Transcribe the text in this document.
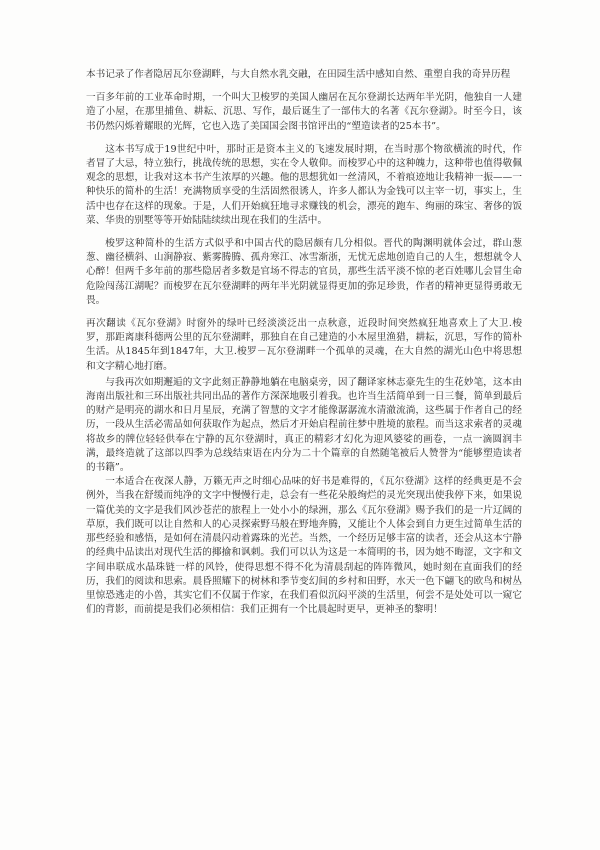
本书记录了作者隐居瓦尔登湖畔，与大自然水乳交融，在田园生活中感知自然、重塑自我的奇异历程

一百多年前的工业革命时期，一个叫大卫梭罗的美国人幽居在瓦尔登湖长达两年半光阴，他独自一人建造了小屋，在那里捕鱼、耕耘、沉思、写作，最后诞生了一部伟大的名著《瓦尔登湖》。时至今日，该书仍然闪烁着耀眼的光辉，它也入选了美国国会图书馆评出的“塑造读者的25本书”。

这本书写成于19世纪中叶，那时正是资本主义的飞速发展时期，在当时那个物欲横流的时代，作者冒了大忌，特立独行，挑战传统的思想，实在令人敬仰。而梭罗心中的这种魄力，这种带也值得敬佩观念的思想，让我对这本书产生浓厚的兴趣。他的思想犹如一丝清风，不着痕迹地让我精神一振——一种快乐的简朴的生活！充满物质享受的生活固然很诱人，许多人都认为金钱可以主宰一切，事实上，生活中也存在这样的现象。于是，人们开始疯狂地寻求赚钱的机会，漂亮的跑车、绚丽的珠宝、奢侈的饭菜、华贵的别墅等等开始陆陆续续出现在我们的生活中。

梭罗这种简朴的生活方式似乎和中国古代的隐居颇有几分相似。晋代的陶渊明就体会过，群山葱葱、幽径横斜、山涧静寂、紫雾腾腾、孤舟寒江、冰雪渐浙，无忧无虑地创造自己的人生，想想就令人心醉！但两千多年前的那些隐居者多数是官场不得志的官员，那些生活平淡不惊的老百姓哪儿会冒生命危险闯荡江湖呢？而梭罗在瓦尔登湖畔的两年半光阴就显得更加的弥足珍贵，作者的精神更显得勇敢无畏。

再次翻读《瓦尔登湖》时窗外的绿叶已经淡淡泛出一点秋意，近段时间突然疯狂地喜欢上了大卫.梭罗，那距离康科德两公里的瓦尔登湖畔，那独自在自己建造的小木屋里渔猎，耕耘，沉思，写作的简朴生活。从1845年到1847年，大卫.梭罗－瓦尔登湖畔一个孤单的灵魂，在大自然的湖光山色中将思想和文字精心地打磨。

与我再次如期邂逅的文字此刻正静静地躺在电脑桌旁，因了翻译家林志豪先生的生花妙笔，这本由海南出版社和三环出版社共同出品的著作方深深地吸引着我。也许当生活简单到一日三餐，简单到最后的财产是明亮的湖水和日月星辰，充满了智慧的文字才能像潺潺流水清澈流淌，这些属于作者自己的经历，一段从生活必需品如何获取作为起点，然后才开始启程前往梦中胜境的旅程。而当这求索者的灵魂将故乡的牌位轻轻供奉在宁静的瓦尔登湖时，真正的精彩才幻化为迎风婆娑的画卷，一点一滴圆润丰满，最终造就了这部以四季为总线结束语在内分为二十个篇章的自然随笔被后人赞誉为“能够塑造读者的书籍”。

一本适合在夜深人静，万籁无声之时细心品味的好书是难得的，《瓦尔登湖》这样的经典更是不会例外，当我在舒缓而纯净的文字中慢慢行走，总会有一些花朵般绚烂的灵光突现出使我停下来，如果说一篇优美的文字是我们风沙苍茫的旅程上一处小小的绿洲，那么《瓦尔登湖》赐予我们的是一片辽阔的草原，我们既可以让自然和人的心灵探索野马般在野地奔腾，又能让个人体会到自力更生过简单生活的那些经验和感悟，是如何在清晨闪动着露珠的光芒。当然，一个经历足够丰富的读者，还会从这本宁静的经典中品读出对现代生活的揶揄和讽刺。我们可以认为这是一本简明的书，因为她不晦涩，文字和文字间串联成水晶珠链一样的风铃，使得思想不得不化为清晨刮起的阵阵微风，她时刻在直面我们的经历，我们的阅读和思索。晨昏照耀下的树林和季节变幻间的乡村和田野，水天一色下翩飞的欧鸟和树丛里惊恐逃走的小兽，其实它们不仅属于作家，在我们看似沉闷平淡的生活里，何尝不是处处可以一窥它们的背影，而前提是我们必须相信：我们正拥有一个比晨起时更早，更神圣的黎明！
